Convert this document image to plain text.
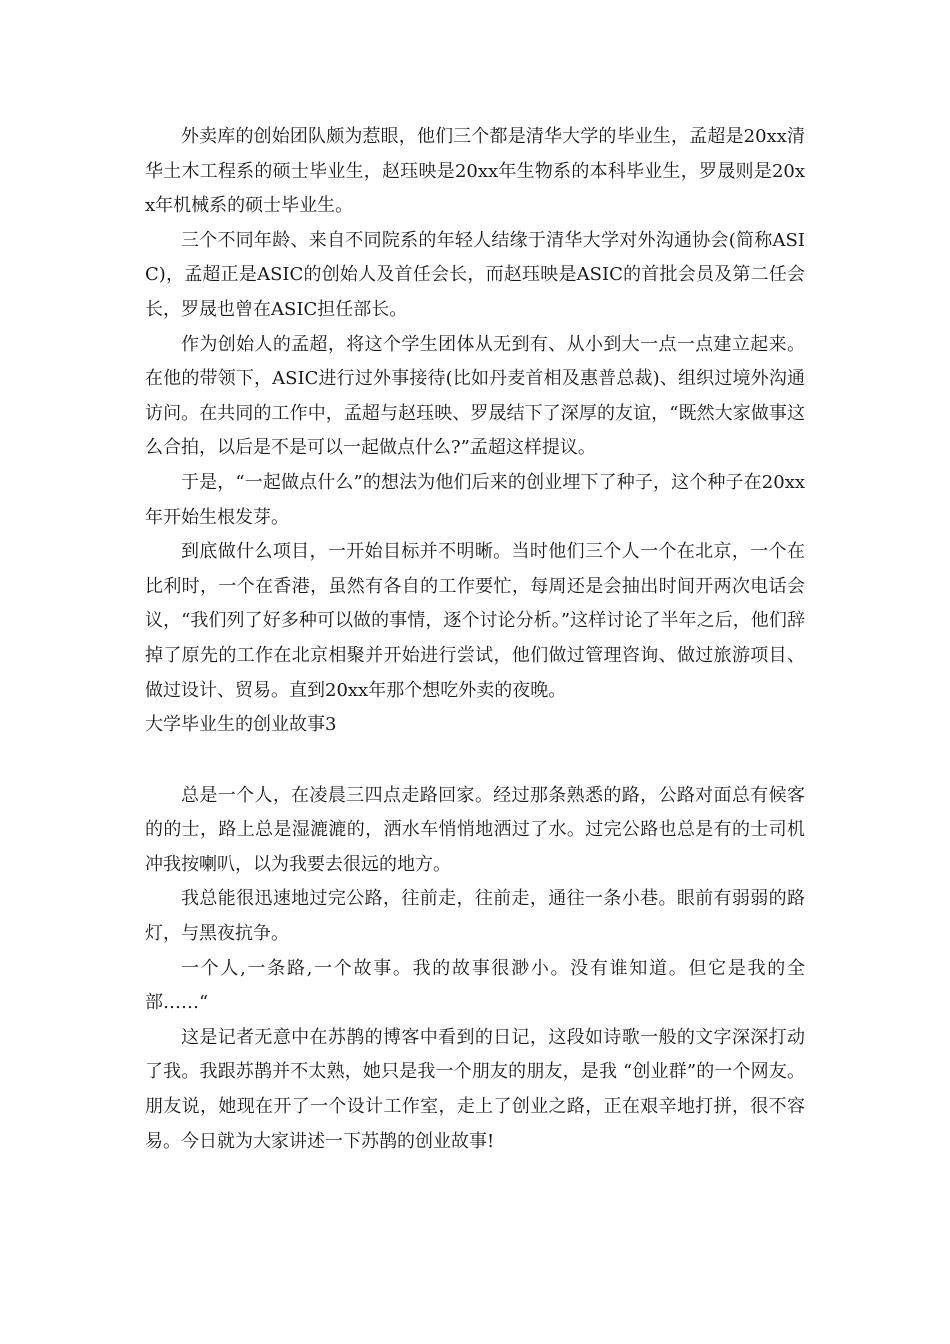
外卖库的创始团队颇为惹眼，他们三个都是清华大学的毕业生，孟超是20xx清华土木工程系的硕士毕业生，赵珏映是20xx年生物系的本科毕业生，罗晟则是20xx年机械系的硕士毕业生。

三个不同年龄、来自不同院系的年轻人结缘于清华大学对外沟通协会(简称ASIC)，孟超正是ASIC的创始人及首任会长，而赵珏映是ASIC的首批会员及第二任会长，罗晟也曾在ASIC担任部长。

作为创始人的孟超，将这个学生团体从无到有、从小到大一点一点建立起来。在他的带领下，ASIC进行过外事接待(比如丹麦首相及惠普总裁)、组织过境外沟通访问。在共同的工作中，孟超与赵珏映、罗晟结下了深厚的友谊，“既然大家做事这么合拍，以后是不是可以一起做点什么?”孟超这样提议。

于是，“一起做点什么”的想法为他们后来的创业埋下了种子，这个种子在20xx年开始生根发芽。

到底做什么项目，一开始目标并不明晰。当时他们三个人一个在北京，一个在比利时，一个在香港，虽然有各自的工作要忙，每周还是会抽出时间开两次电话会议，“我们列了好多种可以做的事情，逐个讨论分析。”这样讨论了半年之后，他们辞掉了原先的工作在北京相聚并开始进行尝试，他们做过管理咨询、做过旅游项目、做过设计、贸易。直到20xx年那个想吃外卖的夜晚。

大学毕业生的创业故事3

总是一个人，在凌晨三四点走路回家。经过那条熟悉的路，公路对面总有候客的的士，路上总是湿漉漉的，洒水车悄悄地洒过了水。过完公路也总是有的士司机冲我按喇叭，以为我要去很远的地方。

我总能很迅速地过完公路，往前走，往前走，通往一条小巷。眼前有弱弱的路灯，与黑夜抗争。

一个人,一条路,一个故事。我的故事很渺小。没有谁知道。但它是我的全部……“

这是记者无意中在苏鹊的博客中看到的日记，这段如诗歌一般的文字深深打动了我。我跟苏鹊并不太熟，她只是我一个朋友的朋友，是我 “创业群”的一个网友。朋友说，她现在开了一个设计工作室，走上了创业之路，正在艰辛地打拼，很不容易。今日就为大家讲述一下苏鹊的创业故事!
